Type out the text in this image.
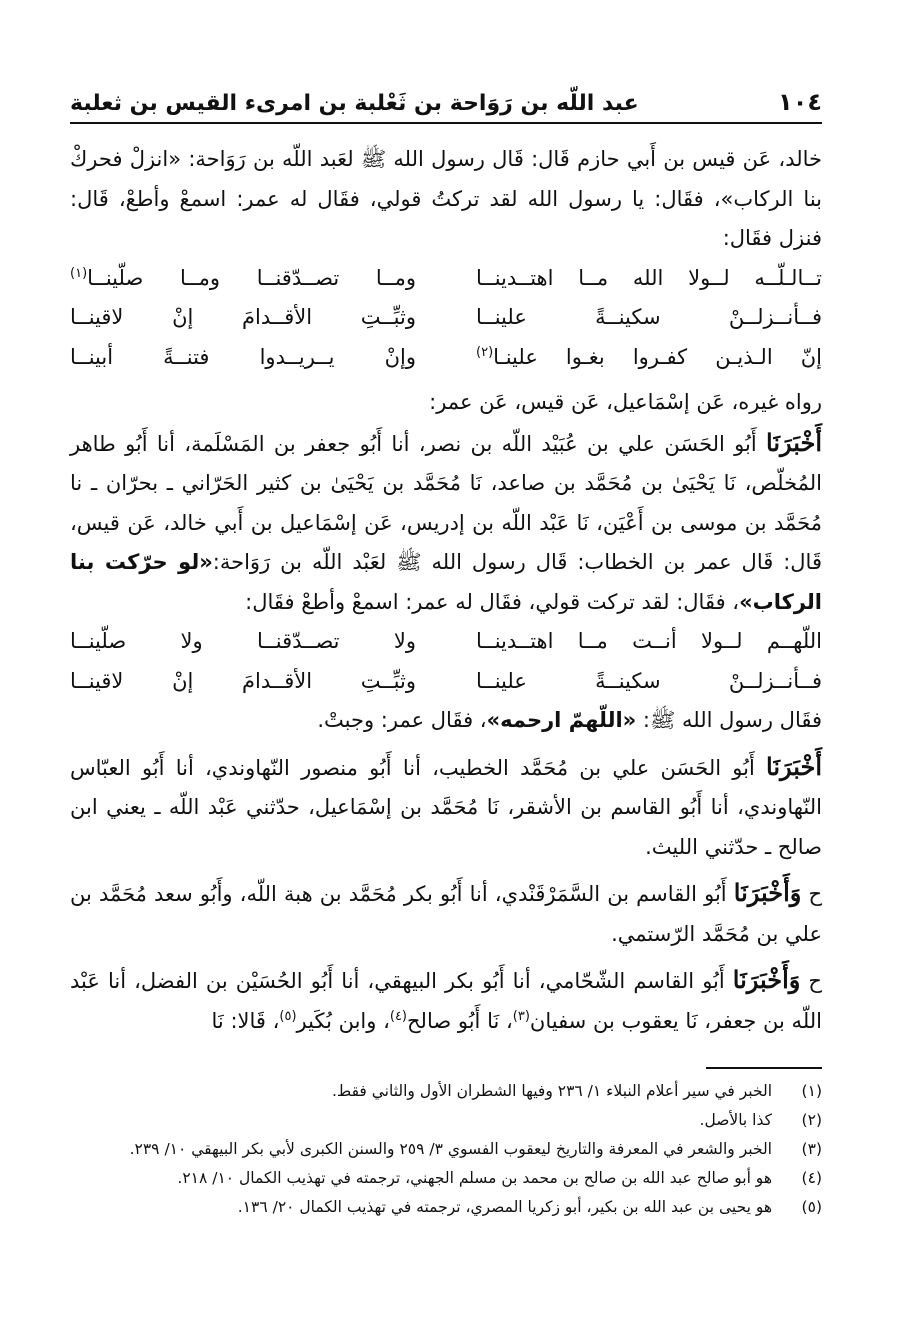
١٠٤
عبد اللّه بن رَوَاحة بن ثَعْلبة بن امرىء القيس بن ثعلبة

خالد، عَن قيس بن أَبي حازم قَال: قَال رسول الله ﷺ لعَبد اللّه بن رَوَاحة: «انزلْ فحركْ بنا الركاب»، فقَال: يا رسول الله لقد تركتُ قولي، فقَال له عمر: اسمعْ وأطعْ، قَال: فنزل فقَال:

تــالـلّــه لــولا الله مــا اهتــدينــا
ومــا تصــدّقنــا ومــا صلّينــا$^{(١)}$
فــأنــزلــنْ سكينــةً علينــا
وثبِّــتِ الأقــدامَ إنْ لاقينــا
إنّ الـذيـن كفـروا بغـوا علينـا$^{(٢)}$
وإنْ يــريــدوا فتنــةً أبينــا

رواه غيره، عَن إسْمَاعيل، عَن قيس، عَن عمر:

أَخْبَرَنَا أَبُو الحَسَن علي بن عُبَيْد اللّه بن نصر، أنا أَبُو جعفر بن المَسْلَمة، أنا أَبُو طاهر المُخلّص، نَا يَحْيَىٰ بن مُحَمَّد بن صاعد، نَا مُحَمَّد بن يَحْيَىٰ بن كثير الحَرّاني ـ بحرّان ـ نا مُحَمَّد بن موسى بن أَعْيَن، نَا عَبْد اللّه بن إدريس، عَن إسْمَاعيل بن أَبي خالد، عَن قيس، قَال: قَال عمر بن الخطاب: قَال رسول الله ﷺ لعَبْد اللّه بن رَوَاحة:«لو حرّكت بنا الركاب»، فقَال: لقد تركت قولي، فقَال له عمر: اسمعْ وأطعْ فقَال:

اللّهــم لــولا أنــت مــا اهتــدينــا
ولا تصــدّقنــا ولا صلّينــا
فــأنــزلــنْ سكينــةً علينــا
وثبِّــتِ الأقــدامَ إنْ لاقينــا

فقَال رسول الله ﷺ: «اللّهمّ ارحمه»، فقَال عمر: وجبتْ.

أَخْبَرَنَا أَبُو الحَسَن علي بن مُحَمَّد الخطيب، أنا أَبُو منصور النّهاوندي، أنا أَبُو العبّاس النّهاوندي، أنا أَبُو القاسم بن الأشقر، نَا مُحَمَّد بن إسْمَاعيل، حدّثني عَبْد اللّه ـ يعني ابن صالح ـ حدّثني الليث.

ح وَأَخْبَرَنَا أَبُو القاسم بن السَّمَرْقَنْدي، أنا أَبُو بكر مُحَمَّد بن هبة اللّه، وأَبُو سعد مُحَمَّد بن علي بن مُحَمَّد الرّستمي.

ح وَأَخْبَرَنَا أَبُو القاسم الشّحّامي، أنا أَبُو بكر البيهقي، أنا أَبُو الحُسَيْن بن الفضل، أنا عَبْد اللّه بن جعفر، نَا يعقوب بن سفيان$^{(٣)}$، نَا أَبُو صالح$^{(٤)}$، وابن بُكَير$^{(٥)}$، قَالا: نَا

(١)
الخبر في سير أعلام النبلاء ١/ ٢٣٦ وفيها الشطران الأول والثاني فقط.
(٢)
كذا بالأصل.
(٣)
الخبر والشعر في المعرفة والتاريخ ليعقوب الفسوي ٣/ ٢٥٩ والسنن الكبرى لأبي بكر البيهقي ١٠/ ٢٣٩.
(٤)
هو أبو صالح عبد الله بن صالح بن محمد بن مسلم الجهني، ترجمته في تهذيب الكمال ١٠/ ٢١٨.
(٥)
هو يحيى بن عبد الله بن بكير، أبو زكريا المصري، ترجمته في تهذيب الكمال ٢٠/ ١٣٦.
